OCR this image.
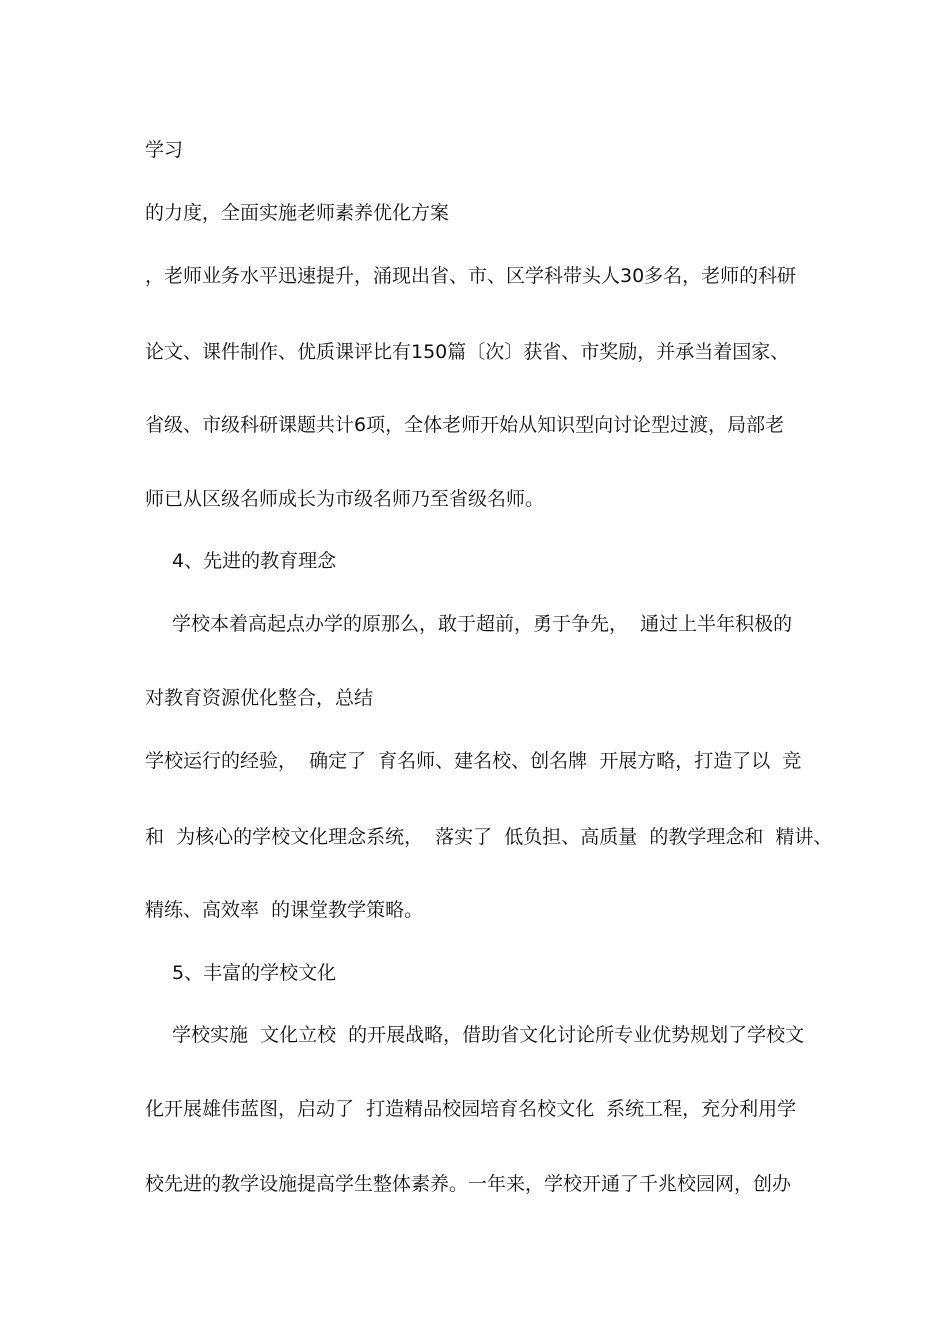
学习
的力度，全面实施老师素养优化方案
，老师业务水平迅速提升，涌现出省、市、区学科带头人30多名，老师的科研
论文、课件制作、优质课评比有150篇〔次〕获省、市奖励，并承当着国家、
省级、市级科研课题共计6项，全体老师开始从知识型向讨论型过渡，局部老
师已从区级名师成长为市级名师乃至省级名师。
4、先进的教育理念
学校本着高起点办学的原那么，敢于超前，勇于争先，  通过上半年积极的
对教育资源优化整合，总结
学校运行的经验，  确定了  育名师、建名校、创名牌  开展方略，打造了以  竞
和  为核心的学校文化理念系统，  落实了  低负担、高质量  的教学理念和  精讲、
精练、高效率  的课堂教学策略。
5、丰富的学校文化
学校实施  文化立校  的开展战略，借助省文化讨论所专业优势规划了学校文
化开展雄伟蓝图，启动了  打造精品校园培育名校文化  系统工程，充分利用学
校先进的教学设施提高学生整体素养。一年来，学校开通了千兆校园网，创办
